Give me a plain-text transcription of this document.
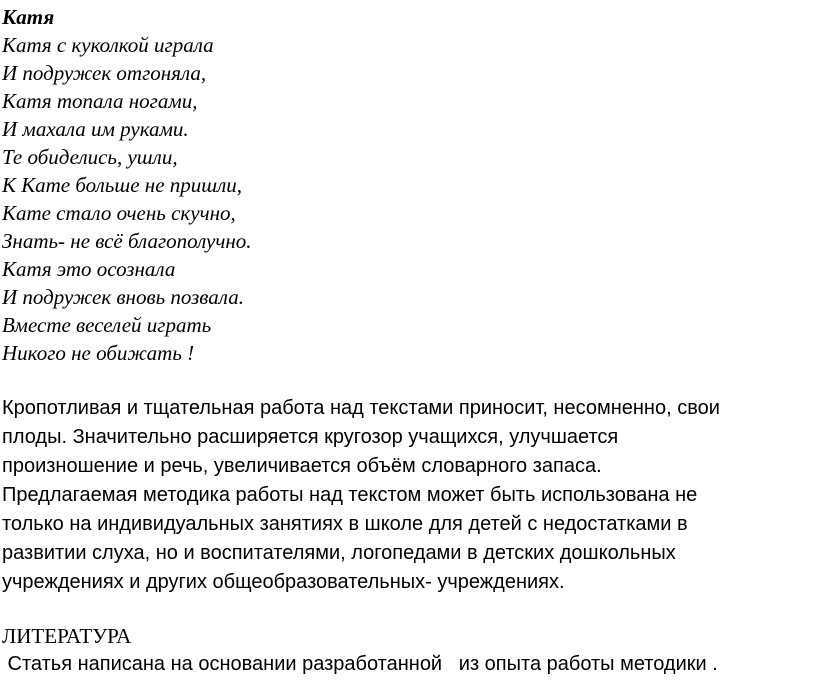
Катя
Катя с куколкой играла
И подружек отгоняла,
Катя топала ногами,
И махала им руками.
Те обиделись, ушли,
К Кате больше не пришли,
Кате стало очень скучно,
Знать- не всё благополучно.
Катя это осознала
И подружек вновь позвала.
Вместе веселей играть
Никого не обижать !
Кропотливая и тщательная работа над текстами приносит, несомненно, свои
плоды. Значительно расширяется кругозор учащихся, улучшается
произношение и речь, увеличивается объём словарного запаса.
Предлагаемая методика работы над текстом может быть использована не
только на индивидуальных занятиях в школе для детей с недостатками в
развитии слуха, но и воспитателями, логопедами в детских дошкольных
учреждениях и других общеобразовательных- учреждениях.
ЛИТЕРАТУРА
Статья написана на основании разработанной   из опыта работы методики .
